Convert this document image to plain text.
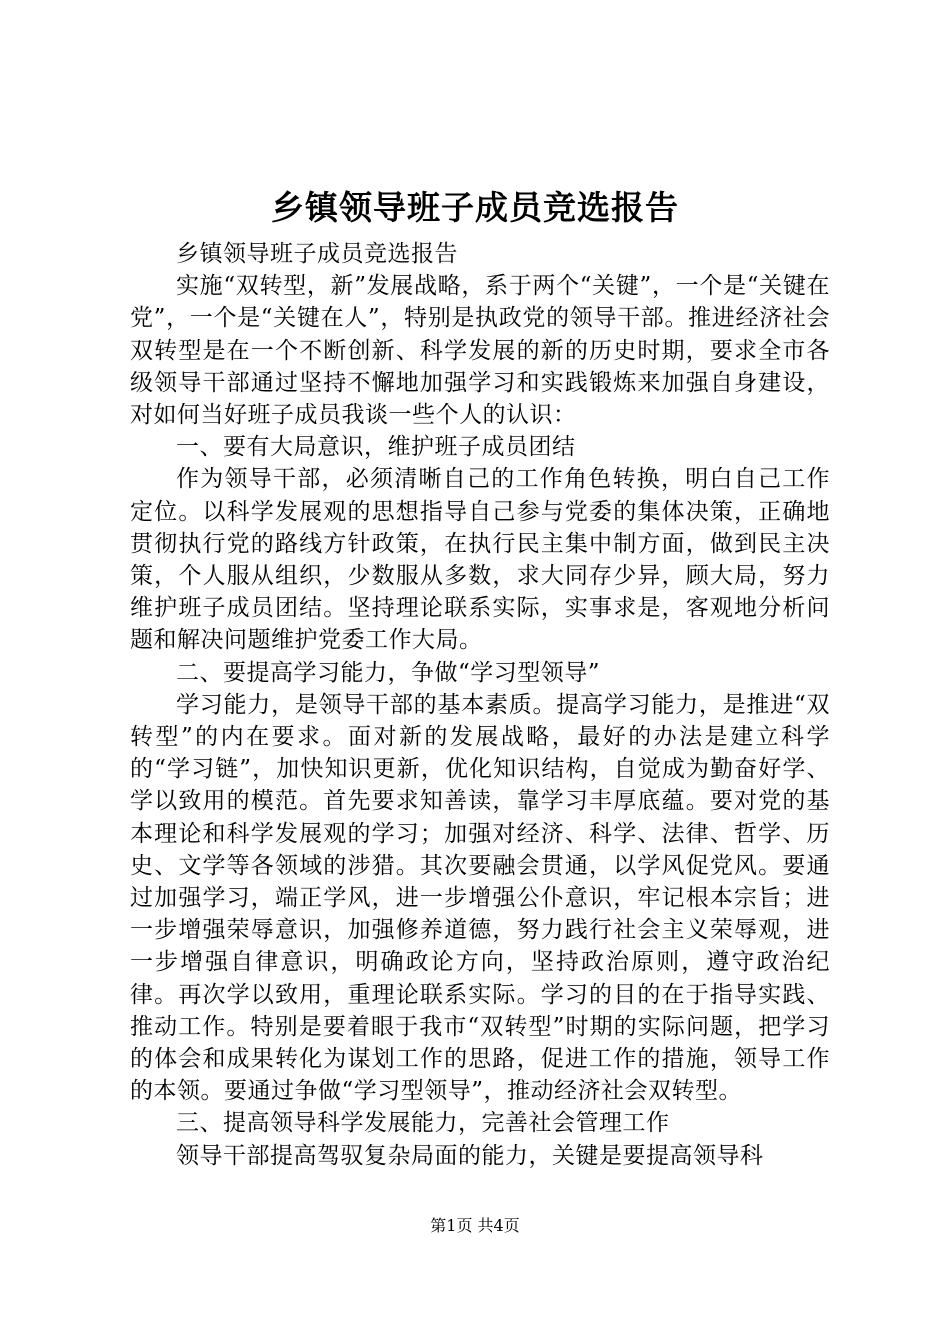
乡镇领导班子成员竞选报告

乡镇领导班子成员竞选报告

实施“双转型，新”发展战略，系于两个“关键”，一个是“关键在党”，一个是“关键在人”，特别是执政党的领导干部。推进经济社会双转型是在一个不断创新、科学发展的新的历史时期，要求全市各级领导干部通过坚持不懈地加强学习和实践锻炼来加强自身建设，对如何当好班子成员我谈一些个人的认识：

一、要有大局意识，维护班子成员团结

作为领导干部，必须清晰自己的工作角色转换，明白自己工作定位。以科学发展观的思想指导自己参与党委的集体决策，正确地贯彻执行党的路线方针政策，在执行民主集中制方面，做到民主决策，个人服从组织，少数服从多数，求大同存少异，顾大局，努力维护班子成员团结。坚持理论联系实际，实事求是，客观地分析问题和解决问题维护党委工作大局。

二、要提高学习能力，争做“学习型领导”

学习能力，是领导干部的基本素质。提高学习能力，是推进“双转型”的内在要求。面对新的发展战略，最好的办法是建立科学的“学习链”，加快知识更新，优化知识结构，自觉成为勤奋好学、学以致用的模范。首先要求知善读，靠学习丰厚底蕴。要对党的基本理论和科学发展观的学习；加强对经济、科学、法律、哲学、历史、文学等各领域的涉猎。其次要融会贯通，以学风促党风。要通过加强学习，端正学风，进一步增强公仆意识，牢记根本宗旨；进一步增强荣辱意识，加强修养道德，努力践行社会主义荣辱观，进一步增强自律意识，明确政论方向，坚持政治原则，遵守政治纪律。再次学以致用，重理论联系实际。学习的目的在于指导实践、推动工作。特别是要着眼于我市“双转型”时期的实际问题，把学习的体会和成果转化为谋划工作的思路，促进工作的措施，领导工作的本领。要通过争做“学习型领导”，推动经济社会双转型。

三、提高领导科学发展能力，完善社会管理工作

领导干部提高驾驭复杂局面的能力，关键是要提高领导科

第1页 共4页
